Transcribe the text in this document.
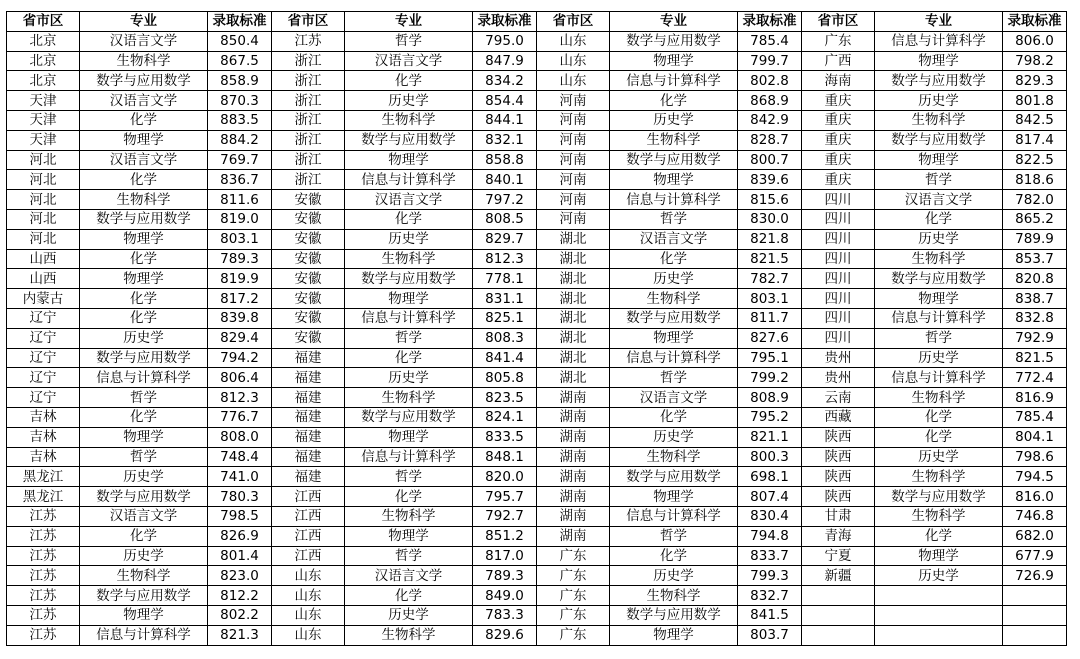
省市区	专业	录取标准	省市区	专业	录取标准	省市区	专业	录取标准	省市区	专业	录取标准
北京	汉语言文学	850.4	江苏	哲学	795.0	山东	数学与应用数学	785.4	广东	信息与计算科学	806.0
北京	生物科学	867.5	浙江	汉语言文学	847.9	山东	物理学	799.7	广西	物理学	798.2
北京	数学与应用数学	858.9	浙江	化学	834.2	山东	信息与计算科学	802.8	海南	数学与应用数学	829.3
天津	汉语言文学	870.3	浙江	历史学	854.4	河南	化学	868.9	重庆	历史学	801.8
天津	化学	883.5	浙江	生物科学	844.1	河南	历史学	842.9	重庆	生物科学	842.5
天津	物理学	884.2	浙江	数学与应用数学	832.1	河南	生物科学	828.7	重庆	数学与应用数学	817.4
河北	汉语言文学	769.7	浙江	物理学	858.8	河南	数学与应用数学	800.7	重庆	物理学	822.5
河北	化学	836.7	浙江	信息与计算科学	840.1	河南	物理学	839.6	重庆	哲学	818.6
河北	生物科学	811.6	安徽	汉语言文学	797.2	河南	信息与计算科学	815.6	四川	汉语言文学	782.0
河北	数学与应用数学	819.0	安徽	化学	808.5	河南	哲学	830.0	四川	化学	865.2
河北	物理学	803.1	安徽	历史学	829.7	湖北	汉语言文学	821.8	四川	历史学	789.9
山西	化学	789.3	安徽	生物科学	812.3	湖北	化学	821.5	四川	生物科学	853.7
山西	物理学	819.9	安徽	数学与应用数学	778.1	湖北	历史学	782.7	四川	数学与应用数学	820.8
内蒙古	化学	817.2	安徽	物理学	831.1	湖北	生物科学	803.1	四川	物理学	838.7
辽宁	化学	839.8	安徽	信息与计算科学	825.1	湖北	数学与应用数学	811.7	四川	信息与计算科学	832.8
辽宁	历史学	829.4	安徽	哲学	808.3	湖北	物理学	827.6	四川	哲学	792.9
辽宁	数学与应用数学	794.2	福建	化学	841.4	湖北	信息与计算科学	795.1	贵州	历史学	821.5
辽宁	信息与计算科学	806.4	福建	历史学	805.8	湖北	哲学	799.2	贵州	信息与计算科学	772.4
辽宁	哲学	812.3	福建	生物科学	823.5	湖南	汉语言文学	808.9	云南	生物科学	816.9
吉林	化学	776.7	福建	数学与应用数学	824.1	湖南	化学	795.2	西藏	化学	785.4
吉林	物理学	808.0	福建	物理学	833.5	湖南	历史学	821.1	陕西	化学	804.1
吉林	哲学	748.4	福建	信息与计算科学	848.1	湖南	生物科学	800.3	陕西	历史学	798.6
黑龙江	历史学	741.0	福建	哲学	820.0	湖南	数学与应用数学	698.1	陕西	生物科学	794.5
黑龙江	数学与应用数学	780.3	江西	化学	795.7	湖南	物理学	807.4	陕西	数学与应用数学	816.0
江苏	汉语言文学	798.5	江西	生物科学	792.7	湖南	信息与计算科学	830.4	甘肃	生物科学	746.8
江苏	化学	826.9	江西	物理学	851.2	湖南	哲学	794.8	青海	化学	682.0
江苏	历史学	801.4	江西	哲学	817.0	广东	化学	833.7	宁夏	物理学	677.9
江苏	生物科学	823.0	山东	汉语言文学	789.3	广东	历史学	799.3	新疆	历史学	726.9
江苏	数学与应用数学	812.2	山东	化学	849.0	广东	生物科学	832.7			
江苏	物理学	802.2	山东	历史学	783.3	广东	数学与应用数学	841.5			
江苏	信息与计算科学	821.3	山东	生物科学	829.6	广东	物理学	803.7			
